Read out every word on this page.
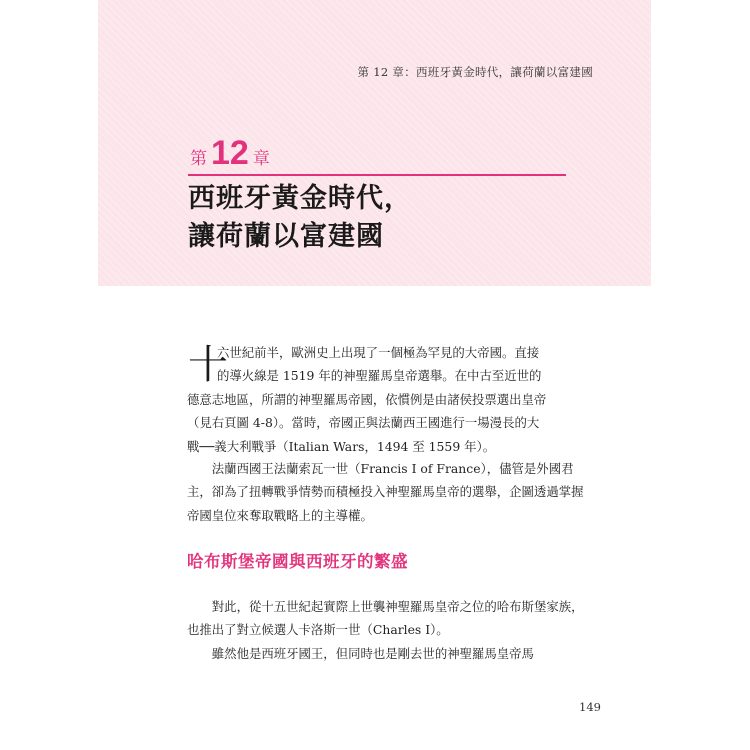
第 12 章：西班牙黃金時代，讓荷蘭以富建國
第 12 章
西班牙黃金時代，
讓荷蘭以富建國
十
六世紀前半，歐洲史上出現了一個極為罕見的大帝國。直接
的導火線是 1519 年的神聖羅馬皇帝選舉。在中古至近世的
德意志地區，所謂的神聖羅馬帝國，依慣例是由諸侯投票選出皇帝
（見右頁圖 4-8）。當時，帝國正與法蘭西王國進行一場漫長的大
戰──義大利戰爭（Italian Wars，1494 至 1559 年）。
法蘭西國王法蘭索瓦一世（Francis I of France），儘管是外國君主，卻為了扭轉戰爭情勢而積極投入神聖羅馬皇帝的選舉，企圖透過掌握帝國皇位來奪取戰略上的主導權。
哈布斯堡帝國與西班牙的繁盛
對此，從十五世紀起實際上世襲神聖羅馬皇帝之位的哈布斯堡家族，也推出了對立候選人卡洛斯一世（Charles I）。
雖然他是西班牙國王，但同時也是剛去世的神聖羅馬皇帝馬
149
